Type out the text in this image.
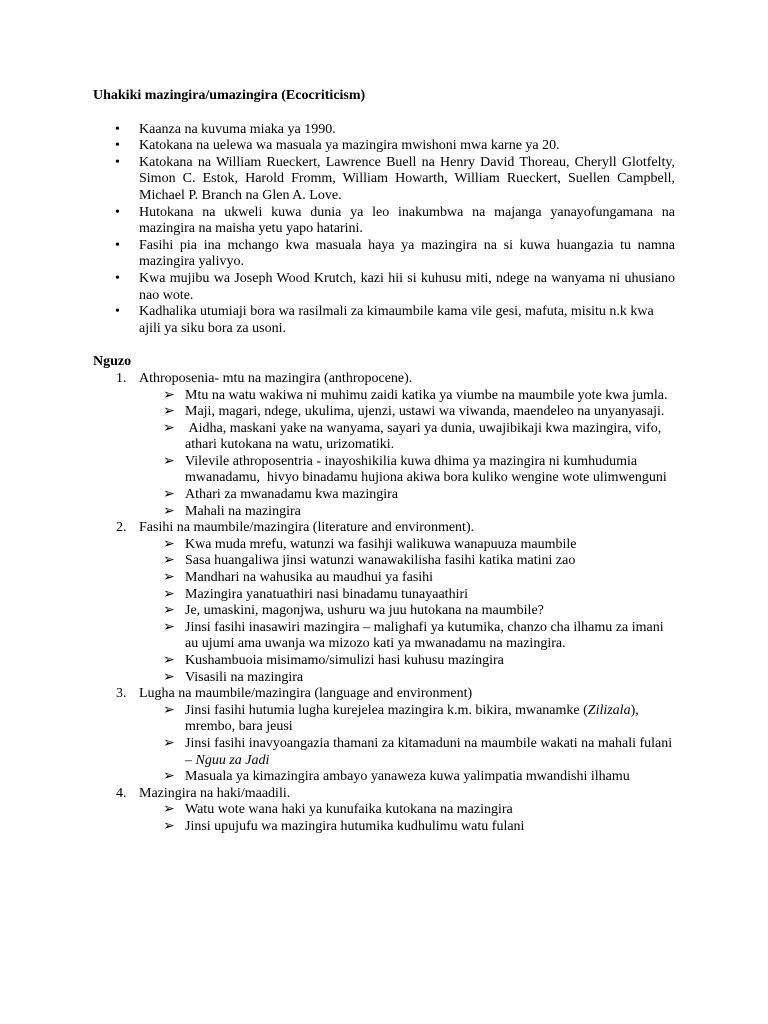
Uhakiki mazingira/umazingira (Ecocriticism)
• Kaanza na kuvuma miaka ya 1990.
• Katokana na uelewa wa masuala ya mazingira mwishoni mwa karne ya 20.
• Katokana na William Rueckert, Lawrence Buell na Henry David Thoreau, Cheryll Glotfelty, Simon C. Estok, Harold Fromm, William Howarth, William Rueckert, Suellen Campbell, Michael P. Branch na Glen A. Love.
• Hutokana na ukweli kuwa dunia ya leo inakumbwa na majanga yanayofungamana na mazingira na maisha yetu yapo hatarini.
• Fasihi pia ina mchango kwa masuala haya ya mazingira na si kuwa huangazia tu namna mazingira yalivyo.
• Kwa mujibu wa Joseph Wood Krutch, kazi hii si kuhusu miti, ndege na wanyama ni uhusiano nao wote.
• Kadhalika utumiaji bora wa rasilmali za kimaumbile kama vile gesi, mafuta, misitu n.k kwa ajili ya siku bora za usoni.
Nguzo
1. Athroposenia- mtu na mazingira (anthropocene).
➢ Mtu na watu wakiwa ni muhimu zaidi katika ya viumbe na maumbile yote kwa jumla.
➢ Maji, magari, ndege, ukulima, ujenzi, ustawi wa viwanda, maendeleo na unyanyasaji.
➢ Aidha, maskani yake na wanyama, sayari ya dunia, uwajibikaji kwa mazingira, vifo, athari kutokana na watu, urizomatiki.
➢ Vilevile athroposentria - inayoshikilia kuwa dhima ya mazingira ni kumhudumia mwanadamu,  hivyo binadamu hujiona akiwa bora kuliko wengine wote ulimwenguni
➢ Athari za mwanadamu kwa mazingira
➢ Mahali na mazingira
2. Fasihi na maumbile/mazingira (literature and environment).
➢ Kwa muda mrefu, watunzi wa fasihji walikuwa wanapuuza maumbile
➢ Sasa huangaliwa jinsi watunzi wanawakilisha fasihi katika matini zao
➢ Mandhari na wahusika au maudhui ya fasihi
➢ Mazingira yanatuathiri nasi binadamu tunayaathiri
➢ Je, umaskini, magonjwa, ushuru wa juu hutokana na maumbile?
➢ Jinsi fasihi inasawiri mazingira – malighafi ya kutumika, chanzo cha ilhamu za imani au ujumi ama uwanja wa mizozo kati ya mwanadamu na mazingira.
➢ Kushambuoia misimamo/simulizi hasi kuhusu mazingira
➢ Visasili na mazingira
3. Lugha na maumbile/mazingira (language and environment)
➢ Jinsi fasihi hutumia lugha kurejelea mazingira k.m. bikira, mwanamke (Zilizala), mrembo, bara jeusi
➢ Jinsi fasihi inavyoangazia thamani za kitamaduni na maumbile wakati na mahali fulani – Nguu za Jadi
➢ Masuala ya kimazingira ambayo yanaweza kuwa yalimpatia mwandishi ilhamu
4. Mazingira na haki/maadili.
➢ Watu wote wana haki ya kunufaika kutokana na mazingira
➢ Jinsi upujufu wa mazingira hutumika kudhulimu watu fulani
